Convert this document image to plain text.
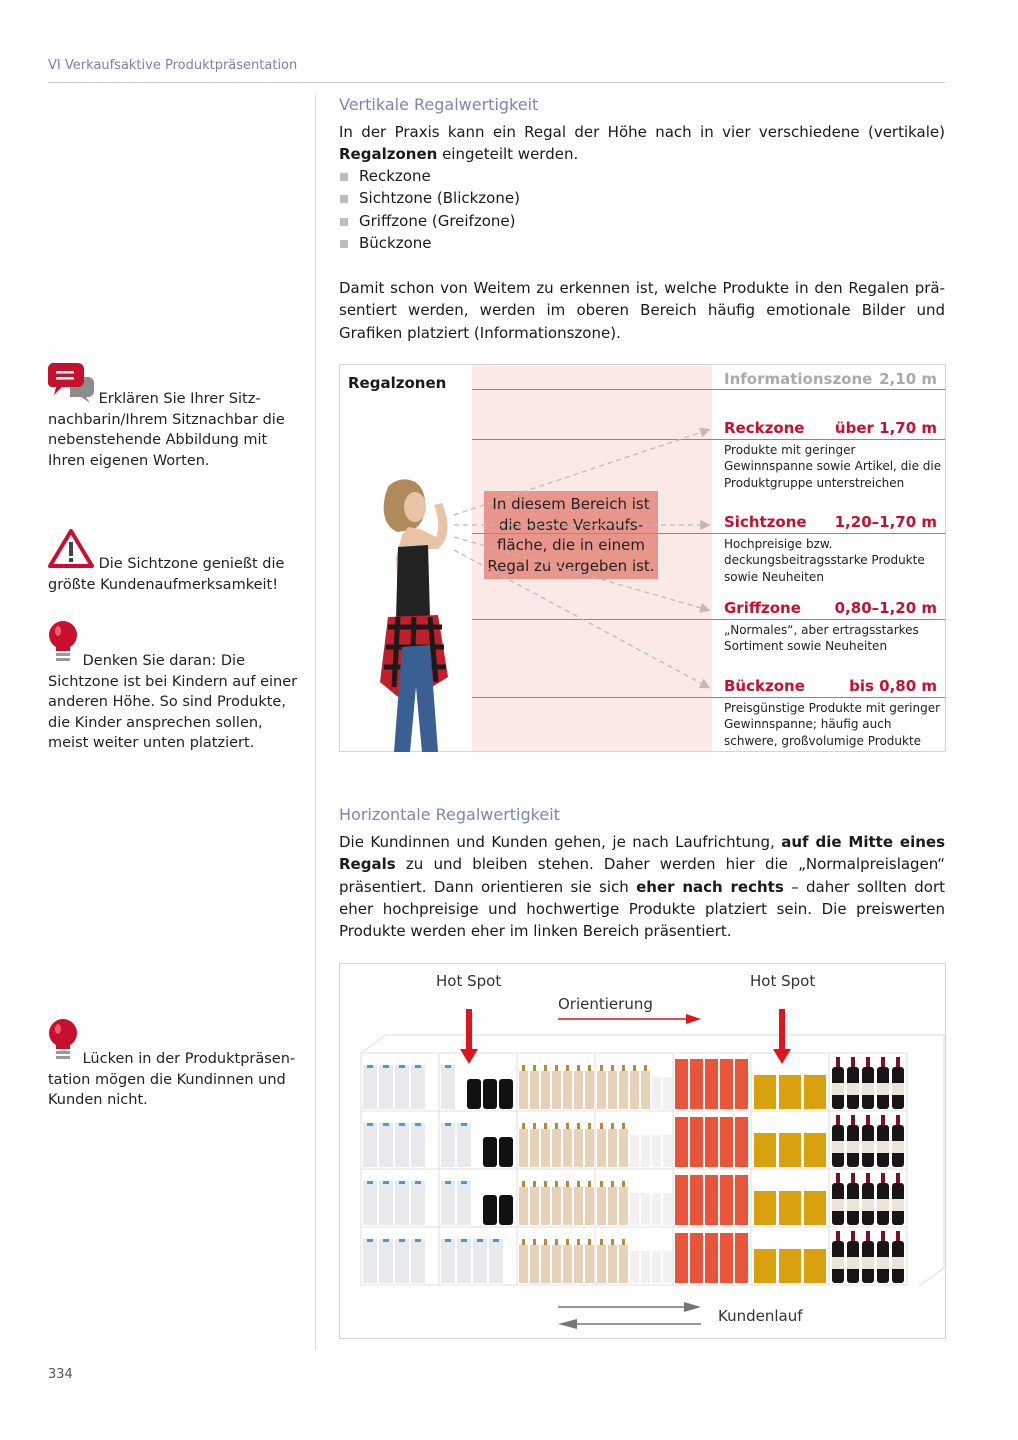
VI Verkaufsaktive Produktpräsentation
334
Erklären Sie Ihrer Sitznachbarin/Ihrem Sitznachbar die nebenstehende Abbildung mit Ihren eigenen Worten.
Die Sichtzone genießt die größte Kundenaufmerksamkeit!
Denken Sie daran: Die Sichtzone ist bei Kindern auf einer anderen Höhe. So sind Produkte, die Kinder ansprechen sollen, meist weiter unten platziert.
Lücken in der Produktpräsentation mögen die Kundinnen und Kunden nicht.
Vertikale Regalwertigkeit
In der Praxis kann ein Regal der Höhe nach in vier verschiedene (vertikale) Regalzonen eingeteilt werden.
Reckzone
Sichtzone (Blickzone)
Griffzone (Greifzone)
Bückzone
Damit schon von Weitem zu erkennen ist, welche Produkte in den Regalen präsentiert werden, werden im oberen Bereich häufig emotionale Bilder und Grafiken platziert (Informationszone).
Regalzonen	Informationszone 2,10 m
Reckzone über 1,70 m
Produkte mit geringer Gewinnspanne sowie Artikel, die die Produktgruppe unterstreichen
Sichtzone 1,20–1,70 m
Hochpreisige bzw. deckungsbeitragsstarke Produkte sowie Neuheiten
Griffzone 0,80–1,20 m
„Normales“, aber ertragsstarkes Sortiment sowie Neuheiten
Bückzone	bis 0,80 m
Preisgünstige Produkte mit geringer Gewinnspanne; häufig auch schwere, großvolumige Produkte
In diesem Bereich ist die beste Verkaufsfläche, die in einem Regal zu vergeben ist.
Horizontale Regalwertigkeit
Die Kundinnen und Kunden gehen, je nach Laufrichtung, auf die Mitte eines Regals zu und bleiben stehen. Daher werden hier die „Normalpreislagen“ präsentiert. Dann orientieren sie sich eher nach rechts – daher sollten dort eher hochpreisige und hochwertige Produkte platziert sein. Die preiswerten Produkte werden eher im linken Bereich präsentiert.
Hot Spot	Hot Spot
Orientierung
Kundenlauf
